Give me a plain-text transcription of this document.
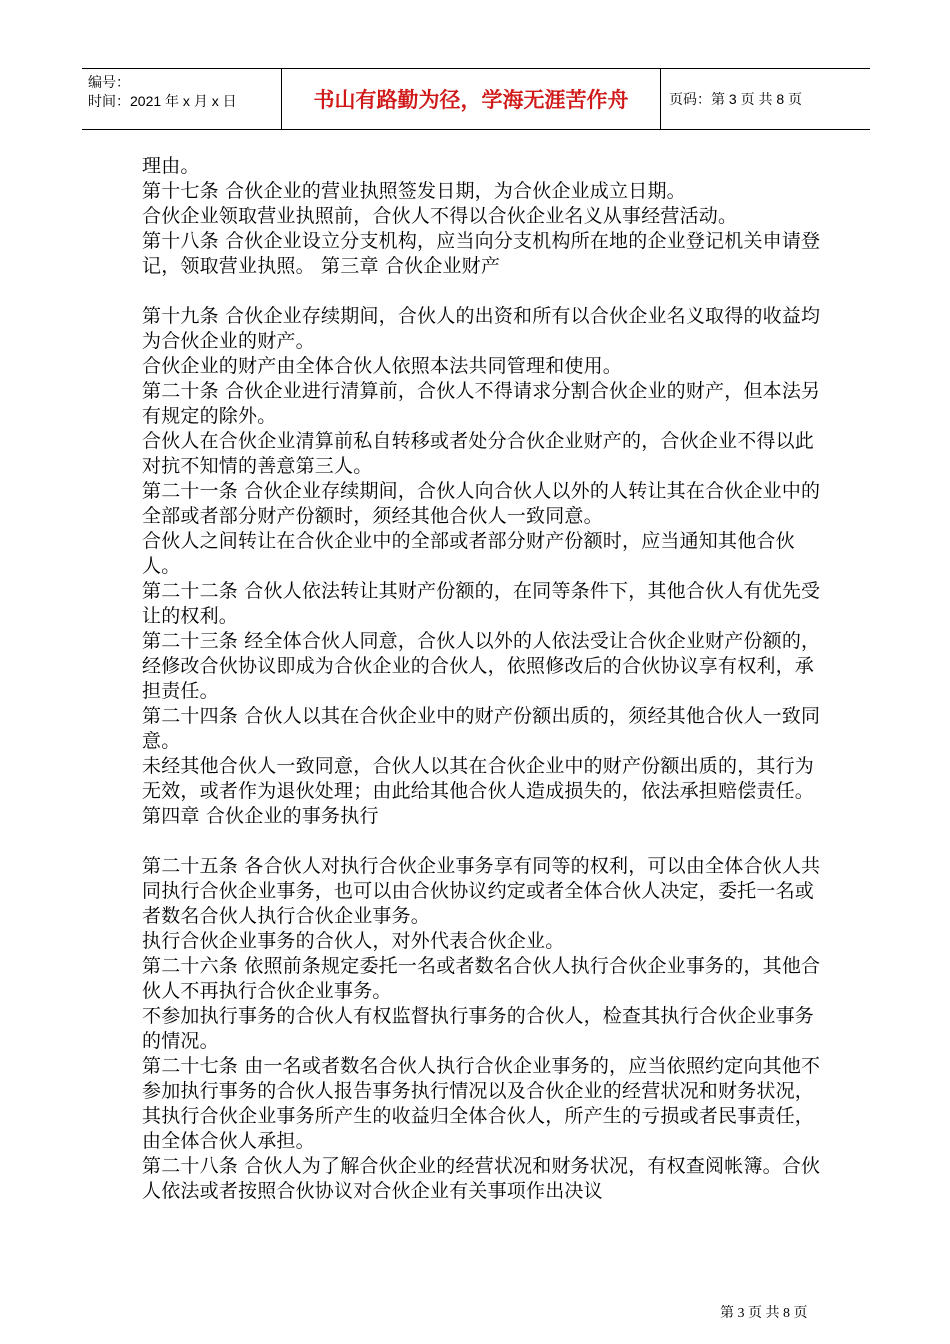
编号：
时间：2021 年 x 月 x 日	书山有路勤为径，学海无涯苦作舟	页码：第 3 页 共 8 页

理由。

第十七条 合伙企业的营业执照签发日期，为合伙企业成立日期。

合伙企业领取营业执照前，合伙人不得以合伙企业名义从事经营活动。

第十八条 合伙企业设立分支机构，应当向分支机构所在地的企业登记机关申请登记，领取营业执照。 第三章 合伙企业财产

第十九条 合伙企业存续期间，合伙人的出资和所有以合伙企业名义取得的收益均为合伙企业的财产。

合伙企业的财产由全体合伙人依照本法共同管理和使用。

第二十条 合伙企业进行清算前，合伙人不得请求分割合伙企业的财产，但本法另有规定的除外。

合伙人在合伙企业清算前私自转移或者处分合伙企业财产的，合伙企业不得以此对抗不知情的善意第三人。

第二十一条 合伙企业存续期间，合伙人向合伙人以外的人转让其在合伙企业中的全部或者部分财产份额时，须经其他合伙人一致同意。

合伙人之间转让在合伙企业中的全部或者部分财产份额时，应当通知其他合伙人。

第二十二条 合伙人依法转让其财产份额的，在同等条件下，其他合伙人有优先受让的权利。

第二十三条 经全体合伙人同意，合伙人以外的人依法受让合伙企业财产份额的，经修改合伙协议即成为合伙企业的合伙人，依照修改后的合伙协议享有权利，承担责任。

第二十四条 合伙人以其在合伙企业中的财产份额出质的，须经其他合伙人一致同意。

未经其他合伙人一致同意，合伙人以其在合伙企业中的财产份额出质的，其行为无效，或者作为退伙处理；由此给其他合伙人造成损失的，依法承担赔偿责任。

第四章 合伙企业的事务执行

第二十五条 各合伙人对执行合伙企业事务享有同等的权利，可以由全体合伙人共同执行合伙企业事务，也可以由合伙协议约定或者全体合伙人决定，委托一名或者数名合伙人执行合伙企业事务。

执行合伙企业事务的合伙人，对外代表合伙企业。

第二十六条 依照前条规定委托一名或者数名合伙人执行合伙企业事务的，其他合伙人不再执行合伙企业事务。

不参加执行事务的合伙人有权监督执行事务的合伙人，检查其执行合伙企业事务的情况。

第二十七条 由一名或者数名合伙人执行合伙企业事务的，应当依照约定向其他不参加执行事务的合伙人报告事务执行情况以及合伙企业的经营状况和财务状况，其执行合伙企业事务所产生的收益归全体合伙人，所产生的亏损或者民事责任，由全体合伙人承担。

第二十八条 合伙人为了解合伙企业的经营状况和财务状况，有权查阅帐簿。合伙人依法或者按照合伙协议对合伙企业有关事项作出决议

第 3 页 共 8 页
